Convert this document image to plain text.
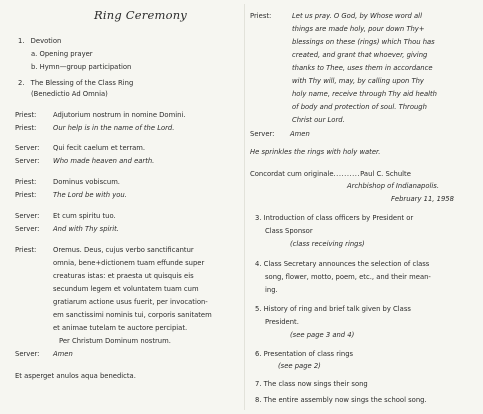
Ring Ceremony
1. Devotion
a. Opening prayer
b. Hymn—group participation
2. The Blessing of the Class Ring
(Benedictio Ad Omnia)
Priest: Adjutorium nostrum in nomine Domini.
Priest: Our help is in the name of the Lord.
Server: Qui fecit caelum et terram.
Server: Who made heaven and earth.
Priest: Dominus vobiscum.
Priest: The Lord be with you.
Server: Et cum spiritu tuo.
Server: And with Thy spirit.
Priest: Oremus. Deus, cujus verbo sanctificantur
omnia, bene+dictionem tuam effunde super
creaturas istas: et praesta ut quisquis eis
secundum legem et voluntatem tuam cum
gratiarum actione usus fuerit, per invocation-
em sanctissimi nominis tui, corporis sanitatem
et animae tutelam te auctore percipiat.
Per Christum Dominum nostrum.
Server: Amen
Et asperget anulos aqua benedicta.
Priest:	Let us pray. O God, by Whose word all
things are made holy, pour down Thy+
blessings on these (rings) which Thou has
created, and grant that whoever, giving
thanks to Thee, uses them in accordance
with Thy will, may, by calling upon Thy
holy name, receive through Thy aid health
of body and protection of soul. Through
Christ our Lord.
Server: Amen
He sprinkles the rings with holy water.
Concordat cum originale..........Paul C. Schulte
Archbishop of Indianapolis.
February 11, 1958
3. Introduction of class officers by President or
Class Sponsor
(class receiving rings)
4. Class Secretary announces the selection of class
song, flower, motto, poem, etc., and their mean-
ing.
5. History of ring and brief talk given by Class
President.
(see page 3 and 4)
6. Presentation of class rings
(see page 2)
7. The class now sings their song
8. The entire assembly now sings the school song.
